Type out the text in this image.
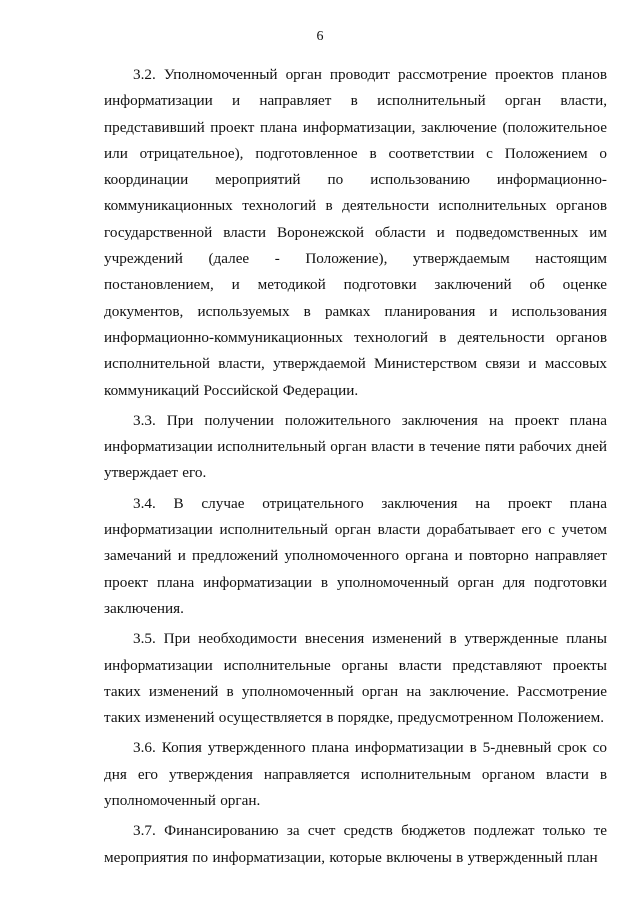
6

3.2. Уполномоченный орган проводит рассмотрение проектов планов информатизации и направляет в исполнительный орган власти, представивший проект плана информатизации, заключение (положительное или отрицательное), подготовленное в соответствии с Положением о координации мероприятий по использованию информационно-коммуникационных технологий в деятельности исполнительных органов государственной власти Воронежской области и подведомственных им учреждений (далее - Положение), утверждаемым настоящим постановлением, и методикой подготовки заключений об оценке документов, используемых в рамках планирования и использования информационно-коммуникационных технологий в деятельности органов исполнительной власти, утверждаемой Министерством связи и массовых коммуникаций Российской Федерации.

3.3. При получении положительного заключения на проект плана информатизации исполнительный орган власти в течение пяти рабочих дней утверждает его.

3.4. В случае отрицательного заключения на проект плана информатизации исполнительный орган власти дорабатывает его с учетом замечаний и предложений уполномоченного органа и повторно направляет проект плана информатизации в уполномоченный орган для подготовки заключения.

3.5. При необходимости внесения изменений в утвержденные планы информатизации исполнительные органы власти представляют проекты таких изменений в уполномоченный орган на заключение. Рассмотрение таких изменений осуществляется в порядке, предусмотренном Положением.

3.6. Копия утвержденного плана информатизации в 5-дневный срок со дня его утверждения направляется исполнительным органом власти в уполномоченный орган.

3.7. Финансированию за счет средств бюджетов подлежат только те мероприятия по информатизации, которые включены в утвержденный план
